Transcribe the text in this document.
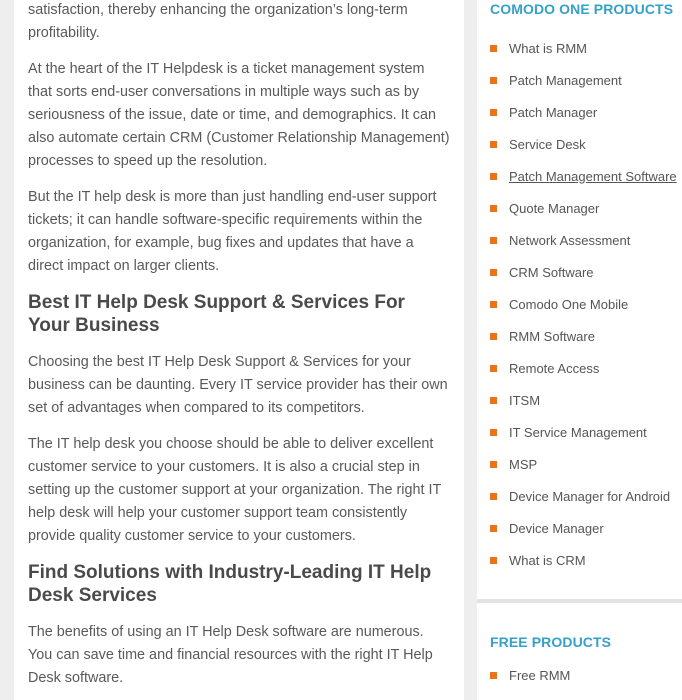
satisfaction, thereby enhancing the organization’s long-term profitability.

At the heart of the IT Helpdesk is a ticket management system that sorts end-user conversations in multiple ways such as by seriousness of the issue, date or time, and demographics. It can also automate certain CRM (Customer Relationship Management) processes to speed up the resolution.

But the IT help desk is more than just handling end-user support tickets; it can handle software-specific requirements within the organization, for example, bug fixes and updates that have a direct impact on larger clients.

Best IT Help Desk Support & Services For Your Business

Choosing the best IT Help Desk Support & Services for your business can be daunting. Every IT service provider has their own set of advantages when compared to its competitors.

The IT help desk you choose should be able to deliver excellent customer service to your customers. It is also a crucial step in setting up the customer support at your organization. The right IT help desk will help your customer support team consistently provide quality customer service to your customers.

Find Solutions with Industry-Leading IT Help Desk Services

The benefits of using an IT Help Desk software are numerous. You can save time and financial resources with the right IT Help Desk software.

COMODO ONE PRODUCTS
What is RMM
Patch Management
Patch Manager
Service Desk
Patch Management Software
Quote Manager
Network Assessment
CRM Software
Comodo One Mobile
RMM Software
Remote Access
ITSM
IT Service Management
MSP
Device Manager for Android
Device Manager
What is CRM
FREE PRODUCTS
Free RMM
